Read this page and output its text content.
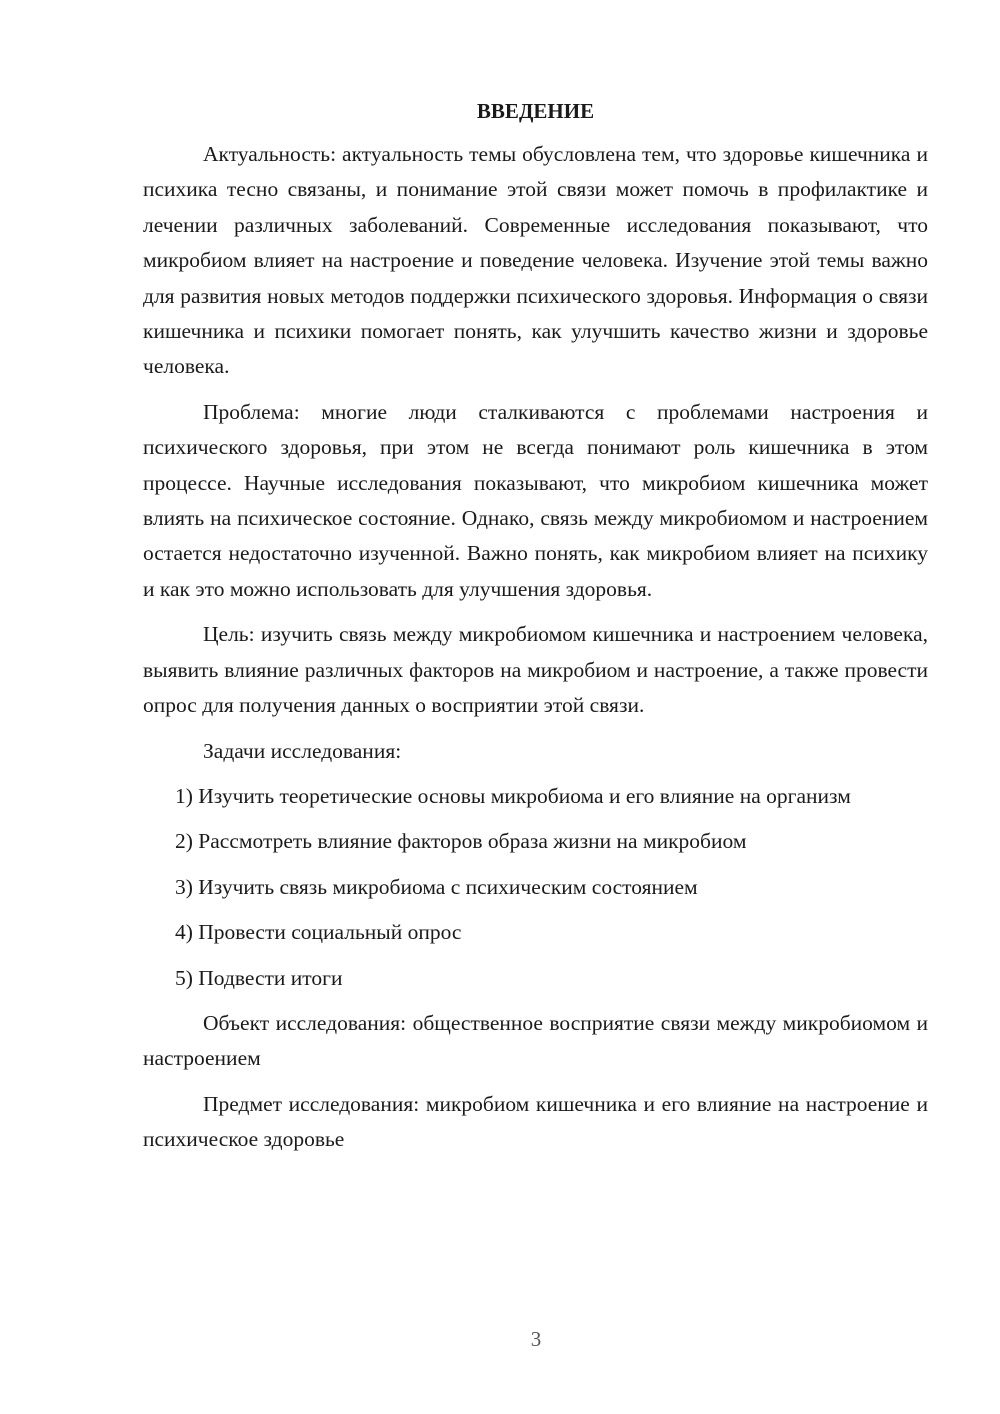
ВВЕДЕНИЕ

Актуальность: актуальность темы обусловлена тем, что здоровье кишечника и психика тесно связаны, и понимание этой связи может помочь в профилактике и лечении различных заболеваний. Современные исследования показывают, что микробиом влияет на настроение и поведение человека. Изучение этой темы важно для развития новых методов поддержки психического здоровья. Информация о связи кишечника и психики помогает понять, как улучшить качество жизни и здоровье человека.

Проблема: многие люди сталкиваются с проблемами настроения и психического здоровья, при этом не всегда понимают роль кишечника в этом процессе. Научные исследования показывают, что микробиом кишечника может влиять на психическое состояние. Однако, связь между микробиомом и настроением остается недостаточно изученной. Важно понять, как микробиом влияет на психику и как это можно использовать для улучшения здоровья.

Цель: изучить связь между микробиомом кишечника и настроением человека, выявить влияние различных факторов на микробиом и настроение, а также провести опрос для получения данных о восприятии этой связи.

Задачи исследования:

1) Изучить теоретические основы микробиома и его влияние на организм

2) Рассмотреть влияние факторов образа жизни на микробиом

3) Изучить связь микробиома с психическим состоянием

4) Провести социальный опрос

5) Подвести итоги

Объект исследования: общественное восприятие связи между микробиомом и настроением

Предмет исследования: микробиом кишечника и его влияние на настроение и психическое здоровье

3
